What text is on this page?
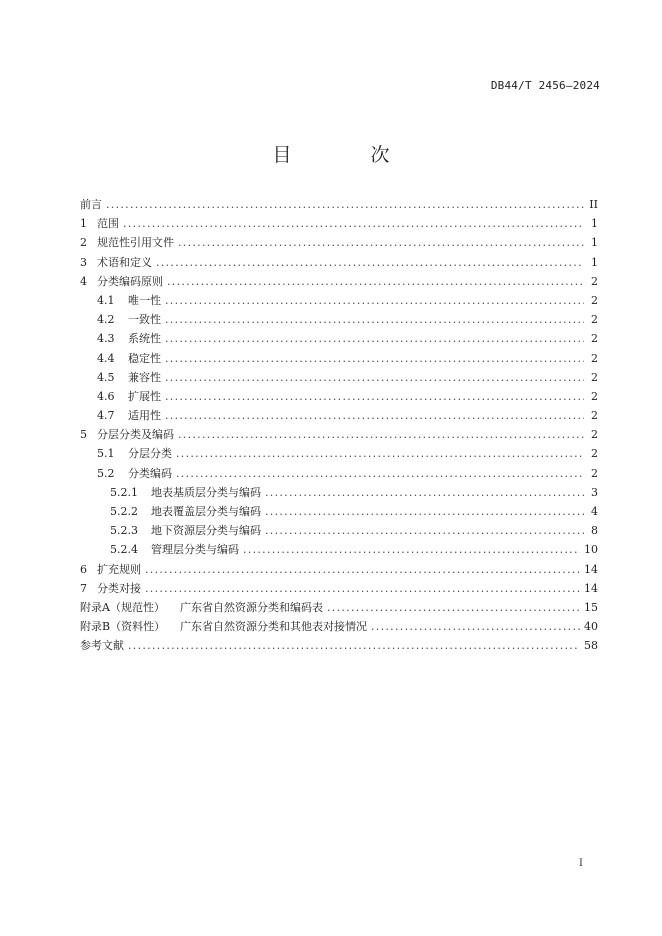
DB44/T 2456—2024
目　次
前言 .....	II
1 范围 .....	1
2 规范性引用文件 .....	1
3 术语和定义 .....	1
4 分类编码原则 .....	2
4.1	唯一性 .....	2
4.2	一致性 .....	2
4.3	系统性 .....	2
4.4	稳定性 .....	2
4.5	兼容性 .....	2
4.6	扩展性 .....	2
4.7	适用性 .....	2
5 分层分类及编码 .....	2
5.1	分层分类 .....	2
5.2	分类编码 .....	2
5.2.1	地表基质层分类与编码 .....	3
5.2.2	地表覆盖层分类与编码 .....	4
5.2.3	地下资源层分类与编码 .....	8
5.2.4	管理层分类与编码 .....	10
6 扩充规则 .....	14
7 分类对接 .....	14
附录A（规范性）	广东省自然资源分类和编码表 .....	15
附录B（资料性）	广东省自然资源分类和其他表对接情况 .....	40
参考文献 .....	58
I
